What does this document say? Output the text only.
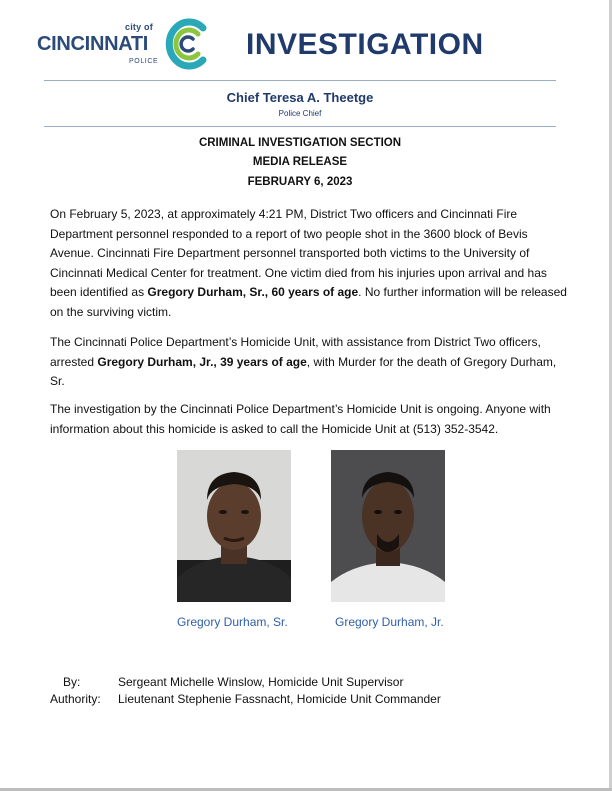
city of
CINCINNATI
POLICE
INVESTIGATION
Chief Teresa A. Theetge
Police Chief
CRIMINAL INVESTIGATION SECTION
MEDIA RELEASE
FEBRUARY 6, 2023

On February 5, 2023, at approximately 4:21 PM, District Two officers and Cincinnati Fire Department personnel responded to a report of two people shot in the 3600 block of Bevis Avenue. Cincinnati Fire Department personnel transported both victims to the University of Cincinnati Medical Center for treatment. One victim died from his injuries upon arrival and has been identified as Gregory Durham, Sr., 60 years of age. No further information will be released on the surviving victim.

The Cincinnati Police Department’s Homicide Unit, with assistance from District Two officers, arrested Gregory Durham, Jr., 39 years of age, with Murder for the death of Gregory Durham, Sr.

The investigation by the Cincinnati Police Department’s Homicide Unit is ongoing. Anyone with information about this homicide is asked to call the Homicide Unit at (513) 352-3542.

Gregory Durham, Sr.	Gregory Durham, Jr.
By:	Sergeant Michelle Winslow, Homicide Unit Supervisor
Authority: Lieutenant Stephenie Fassnacht, Homicide Unit Commander
